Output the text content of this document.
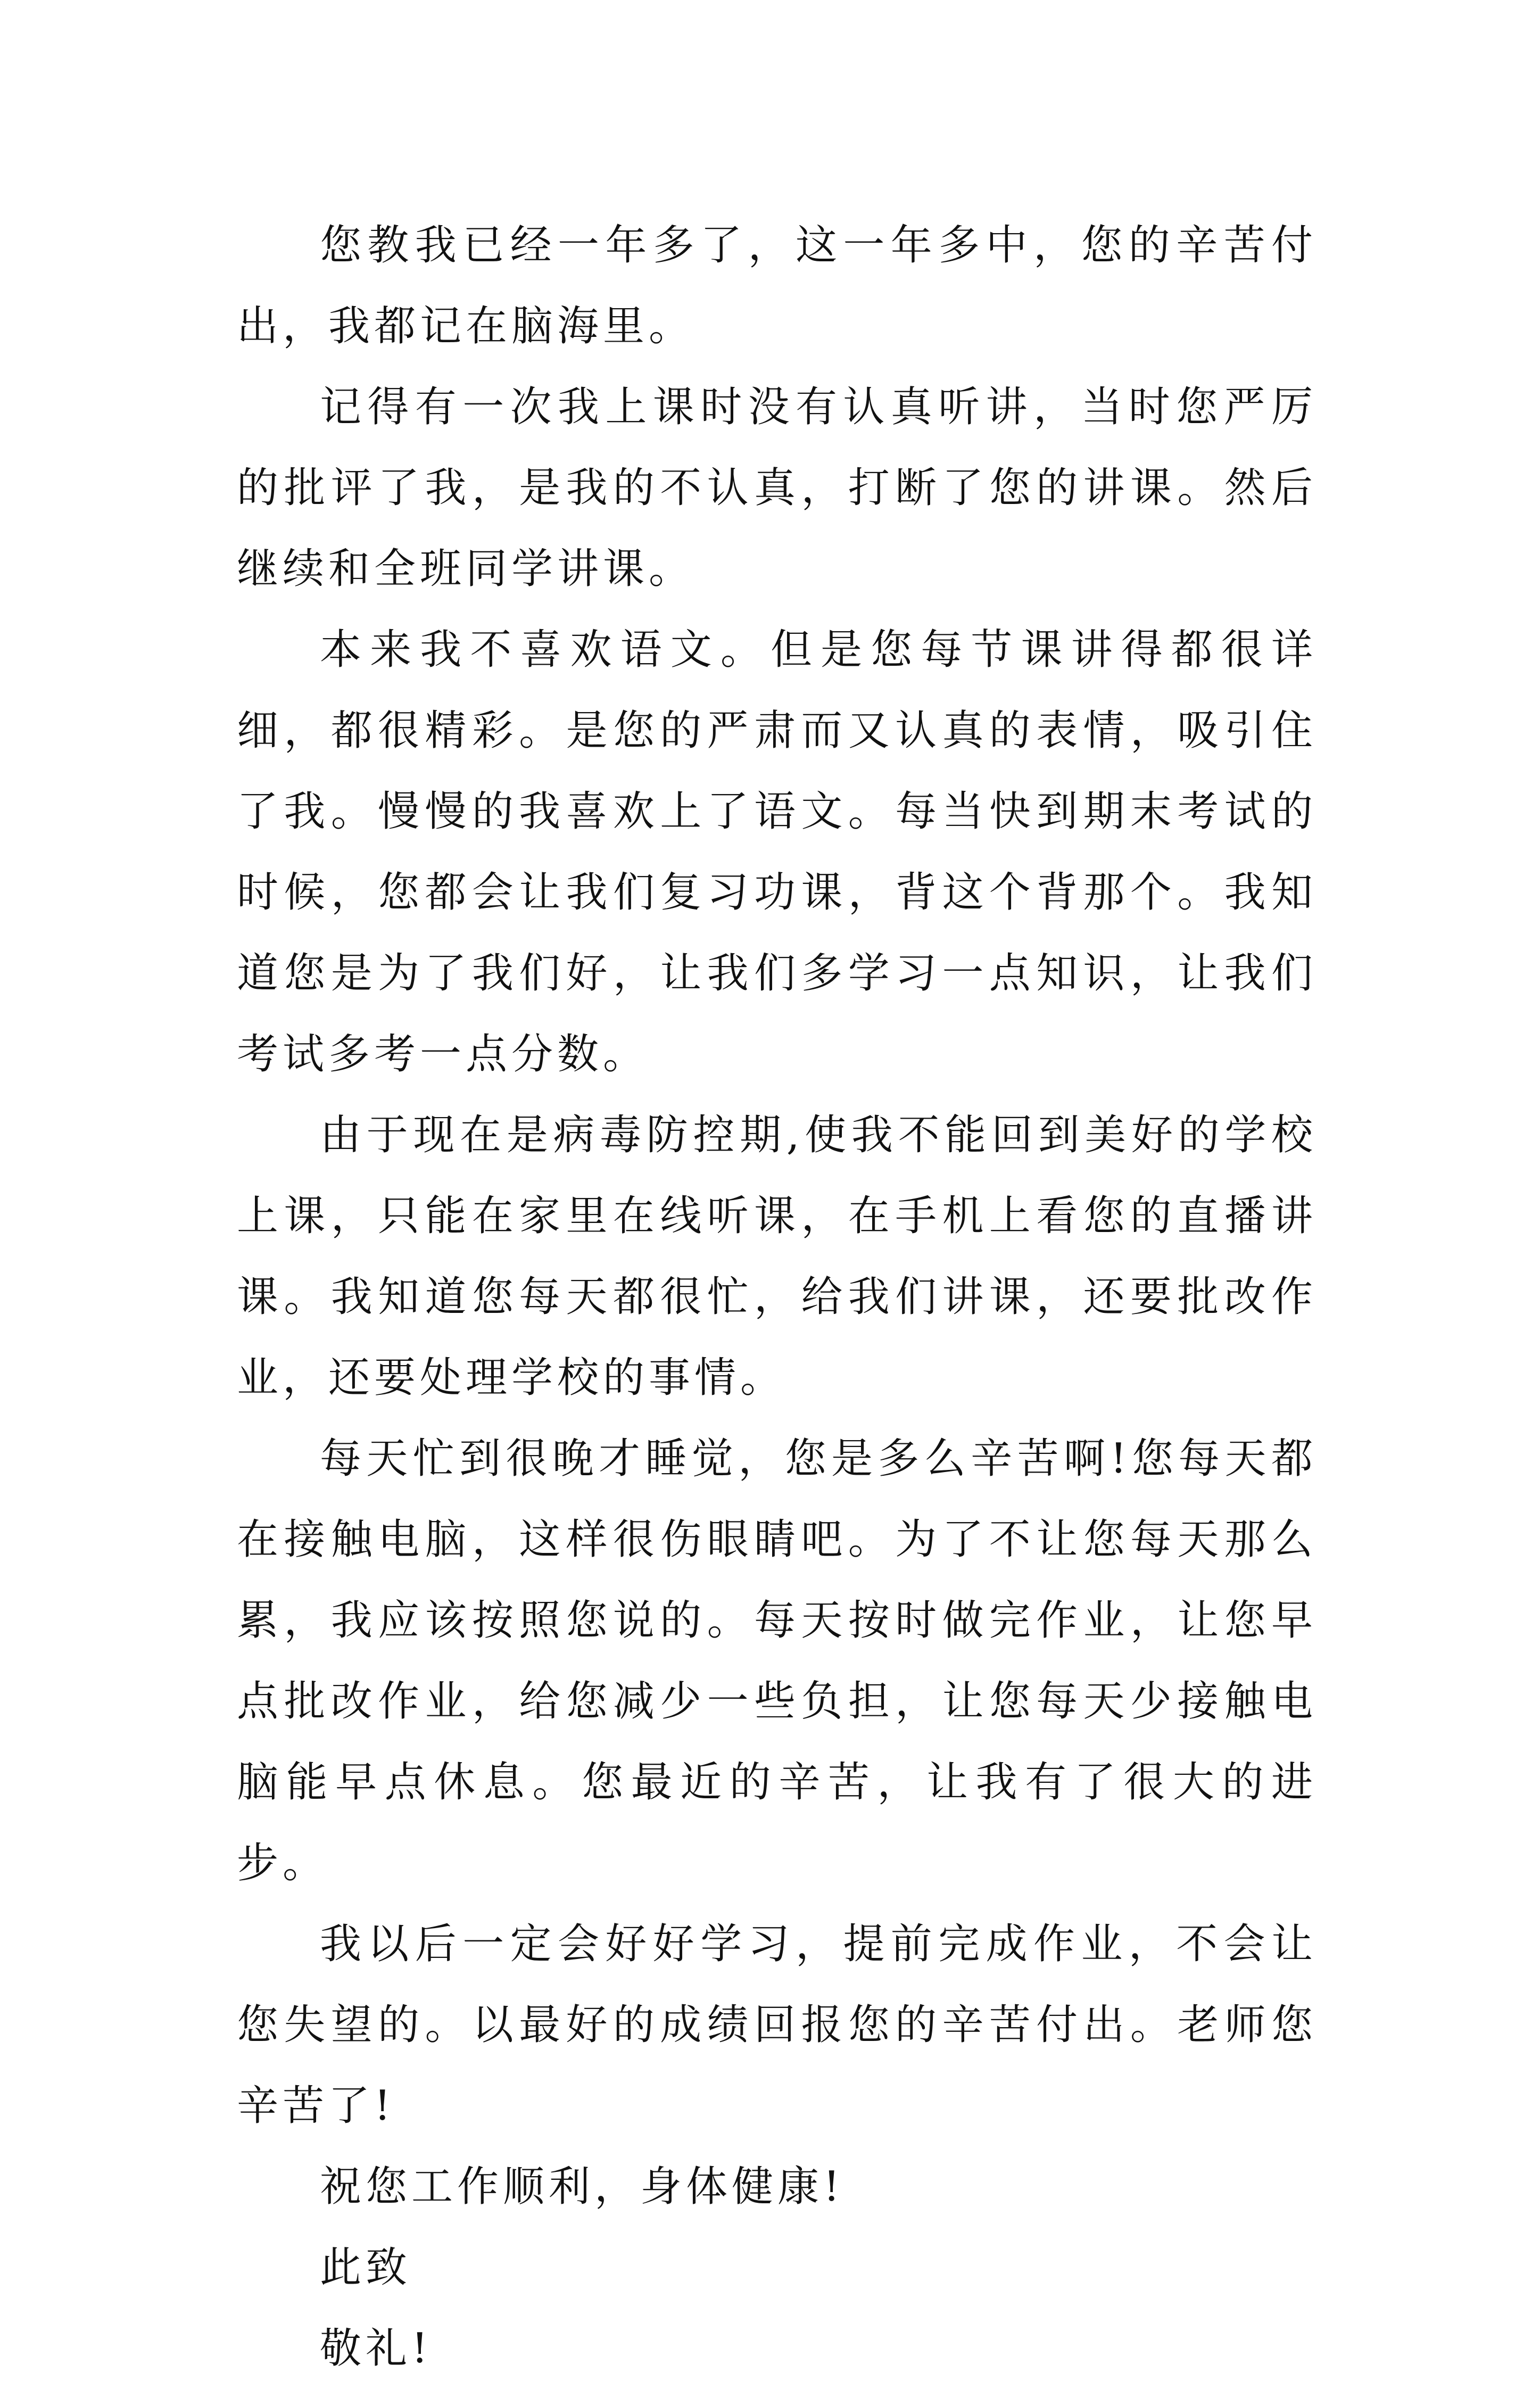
您教我已经一年多了，这一年多中，您的辛苦付出，我都记在脑海里。

记得有一次我上课时没有认真听讲，当时您严厉的批评了我，是我的不认真，打断了您的讲课。然后继续和全班同学讲课。

本来我不喜欢语文。但是您每节课讲得都很详细，都很精彩。是您的严肃而又认真的表情，吸引住了我。慢慢的我喜欢上了语文。每当快到期末考试的时候，您都会让我们复习功课，背这个背那个。我知道您是为了我们好，让我们多学习一点知识，让我们考试多考一点分数。

由于现在是病毒防控期,使我不能回到美好的学校上课，只能在家里在线听课，在手机上看您的直播讲课。我知道您每天都很忙，给我们讲课，还要批改作业，还要处理学校的事情。

每天忙到很晚才睡觉，您是多么辛苦啊!您每天都在接触电脑，这样很伤眼睛吧。为了不让您每天那么累，我应该按照您说的。每天按时做完作业，让您早点批改作业，给您减少一些负担，让您每天少接触电脑能早点休息。您最近的辛苦，让我有了很大的进步。

我以后一定会好好学习，提前完成作业，不会让您失望的。以最好的成绩回报您的辛苦付出。老师您辛苦了!

祝您工作顺利，身体健康!

此致

敬礼!
